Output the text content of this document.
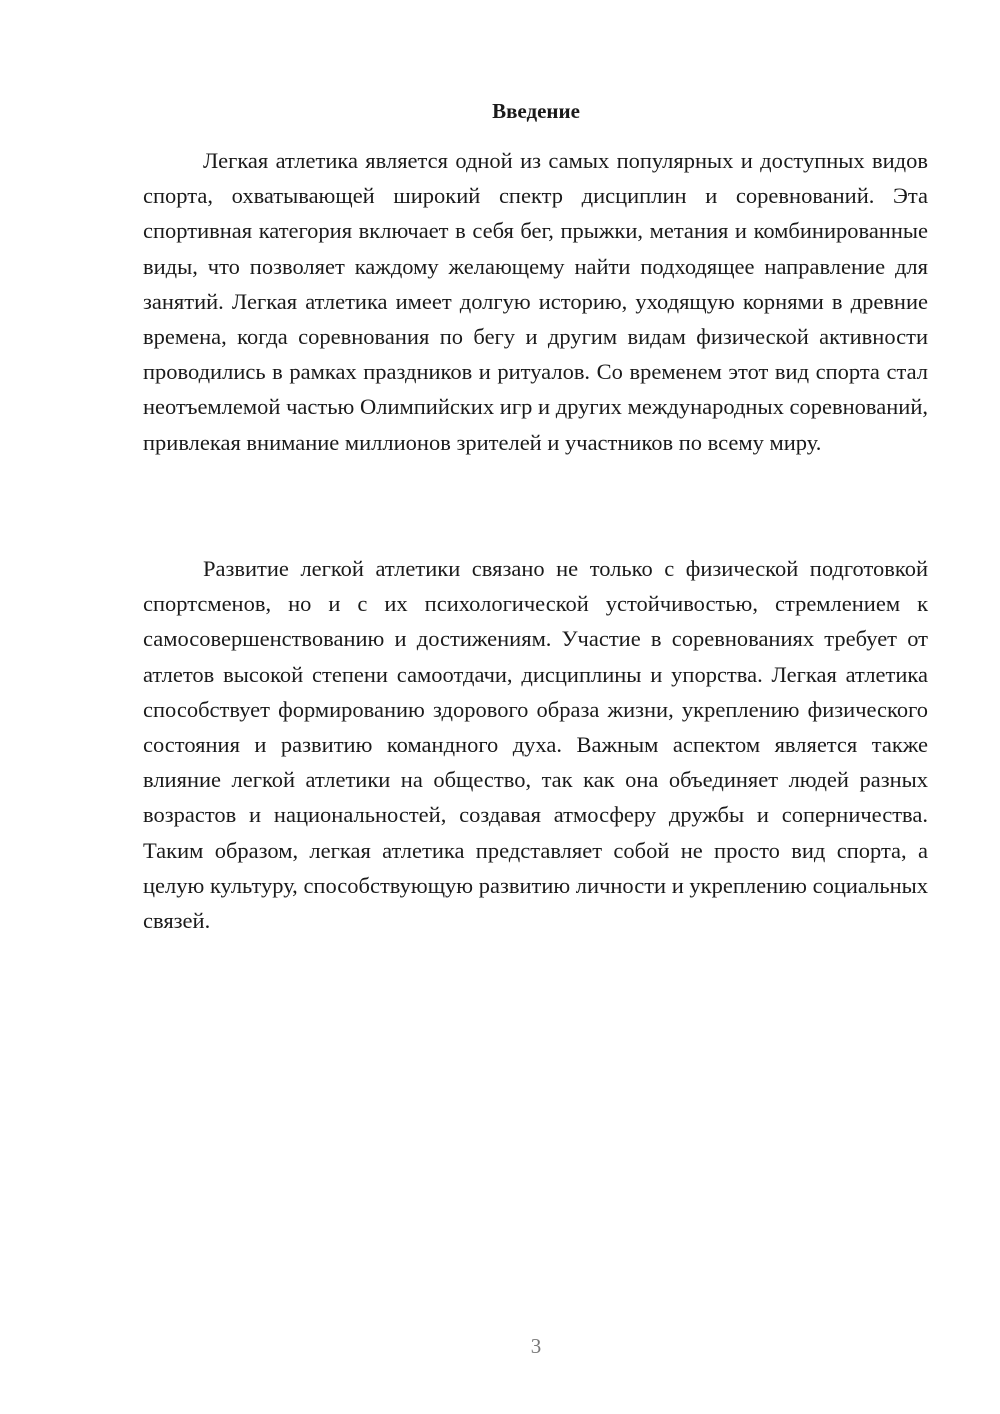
Введение

Легкая атлетика является одной из самых популярных и доступных видов спорта, охватывающей широкий спектр дисциплин и соревнований. Эта спортивная категория включает в себя бег, прыжки, метания и комбинированные виды, что позволяет каждому желающему найти подходящее направление для занятий. Легкая атлетика имеет долгую историю, уходящую корнями в древние времена, когда соревнования по бегу и другим видам физической активности проводились в рамках праздников и ритуалов. Со временем этот вид спорта стал неотъемлемой частью Олимпийских игр и других международных соревнований, привлекая внимание миллионов зрителей и участников по всему миру.

Развитие легкой атлетики связано не только с физической подготовкой спортсменов, но и с их психологической устойчивостью, стремлением к самосовершенствованию и достижениям. Участие в соревнованиях требует от атлетов высокой степени самоотдачи, дисциплины и упорства. Легкая атлетика способствует формированию здорового образа жизни, укреплению физического состояния и развитию командного духа. Важным аспектом является также влияние легкой атлетики на общество, так как она объединяет людей разных возрастов и национальностей, создавая атмосферу дружбы и соперничества. Таким образом, легкая атлетика представляет собой не просто вид спорта, а целую культуру, способствующую развитию личности и укреплению социальных связей.

3
